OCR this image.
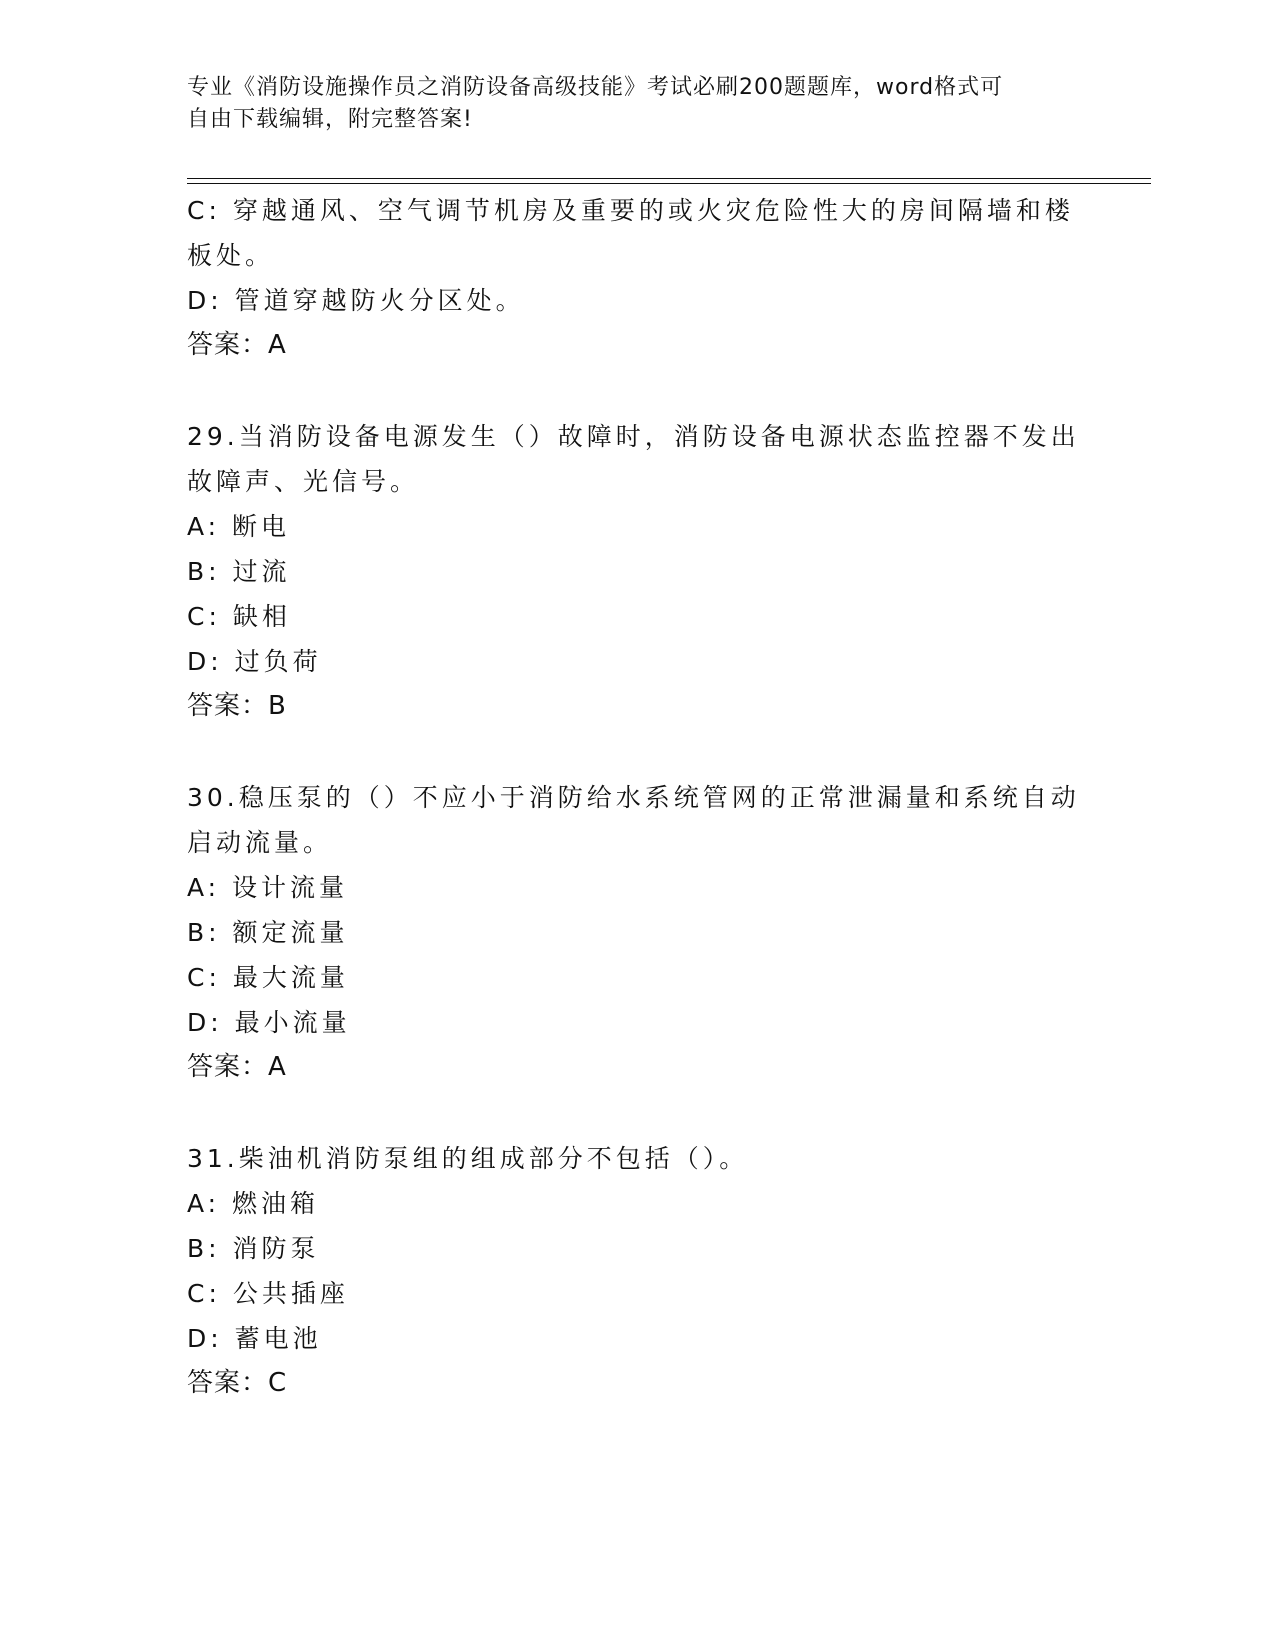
专业《消防设施操作员之消防设备高级技能》考试必刷200题题库，word格式可
自由下载编辑，附完整答案!
C: 穿越通风、空气调节机房及重要的或火灾危险性大的房间隔墙和楼
板处。
D: 管道穿越防火分区处。
答案：A
29.当消防设备电源发生（）故障时，消防设备电源状态监控器不发出
故障声、光信号。
A: 断电
B: 过流
C: 缺相
D: 过负荷
答案：B
30.稳压泵的（）不应小于消防给水系统管网的正常泄漏量和系统自动
启动流量。
A: 设计流量
B: 额定流量
C: 最大流量
D: 最小流量
答案：A
31.柴油机消防泵组的组成部分不包括（）。
A: 燃油箱
B: 消防泵
C: 公共插座
D: 蓄电池
答案：C
